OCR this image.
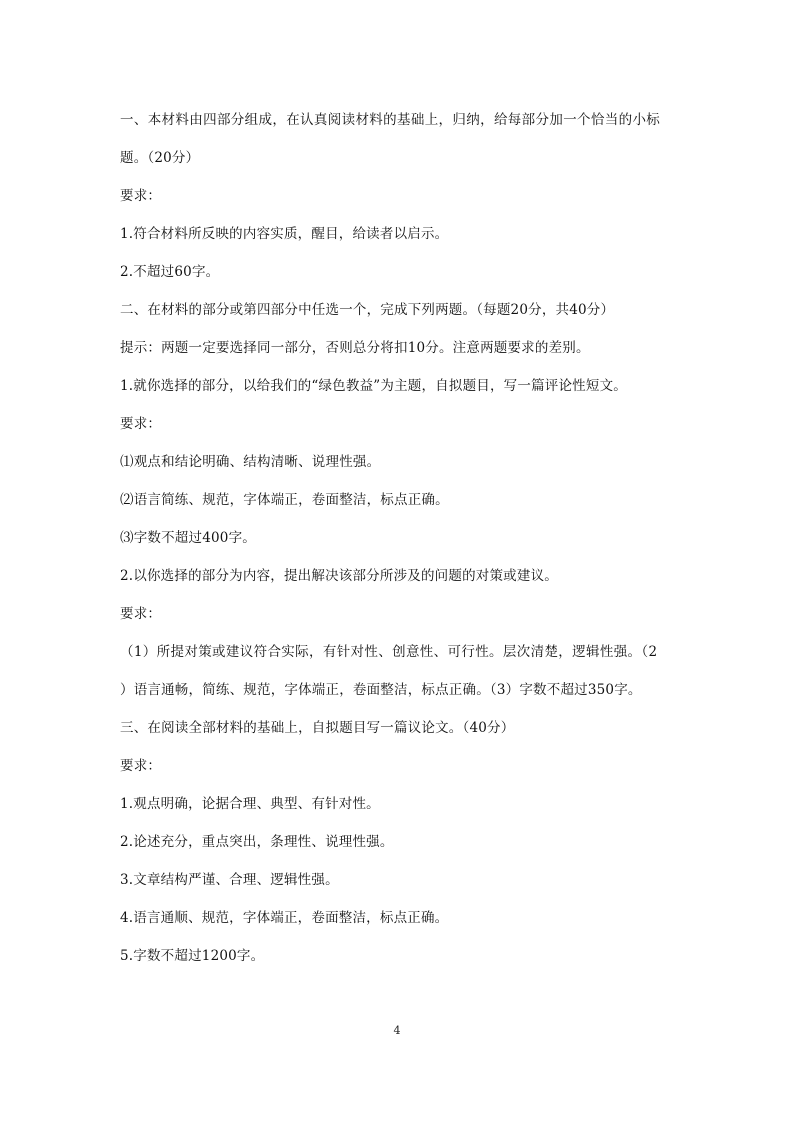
一、本材料由四部分组成，在认真阅读材料的基础上，归纳，给每部分加一个恰当的小标

题。（20分）

要求：

1.符合材料所反映的内容实质，醒目，给读者以启示。

2.不超过60字。

二、在材料的部分或第四部分中任选一个，完成下列两题。（每题20分，共40分）

提示：两题一定要选择同一部分，否则总分将扣10分。注意两题要求的差别。

1.就你选择的部分，以给我们的“绿色教益”为主题，自拟题目，写一篇评论性短文。

要求：

⑴观点和结论明确、结构清晰、说理性强。

⑵语言简练、规范，字体端正，卷面整洁，标点正确。

⑶字数不超过400字。

2.以你选择的部分为内容，提出解决该部分所涉及的问题的对策或建议。

要求：

（1）所提对策或建议符合实际，有针对性、创意性、可行性。层次清楚，逻辑性强。（2

）语言通畅，简练、规范，字体端正，卷面整洁，标点正确。（3）字数不超过350字。

三、在阅读全部材料的基础上，自拟题目写一篇议论文。（40分）

要求：

1.观点明确，论据合理、典型、有针对性。

2.论述充分，重点突出，条理性、说理性强。

3.文章结构严谨、合理、逻辑性强。

4.语言通顺、规范，字体端正，卷面整洁，标点正确。

5.字数不超过1200字。

4
